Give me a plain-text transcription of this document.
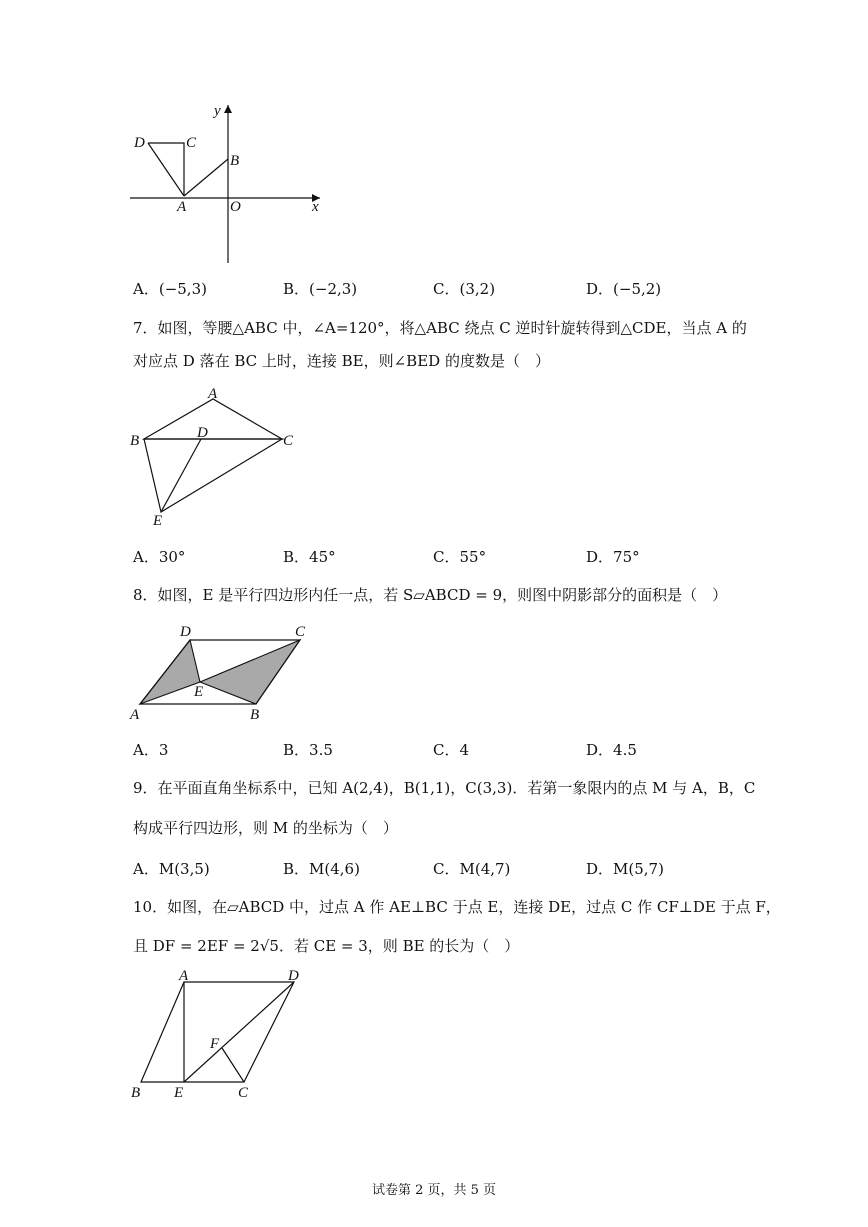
D	C
B
A	O	x
y
A．(−5,3)	B．(−2,3)	C．(3,2)	D．(−5,2)
7．如图，等腰△ABC 中，∠A=120°，将△ABC 绕点 C 逆时针旋转得到△CDE，当点 A 的
对应点 D 落在 BC 上时，连接 BE，则∠BED 的度数是（　）
A
B	D	C
E
A．30°	B．45°	C．55°	D．75°
8．如图，E 是平行四边形内任一点，若 S▱ABCD = 9，则图中阴影部分的面积是（　）
D	C
E
A	B
A．3	B．3.5	C．4	D．4.5
9．在平面直角坐标系中，已知 A(2,4)，B(1,1)，C(3,3)．若第一象限内的点 M 与 A，B，C
构成平行四边形，则 M 的坐标为（　）
A．M(3,5)	B．M(4,6)	C．M(4,7)	D．M(5,7)
10．如图，在▱ABCD 中，过点 A 作 AE⊥BC 于点 E，连接 DE，过点 C 作 CF⊥DE 于点 F，
且 DF = 2EF = 2√5．若 CE = 3，则 BE 的长为（　）
A	D
F
B E	C
试卷第 2 页，共 5 页
